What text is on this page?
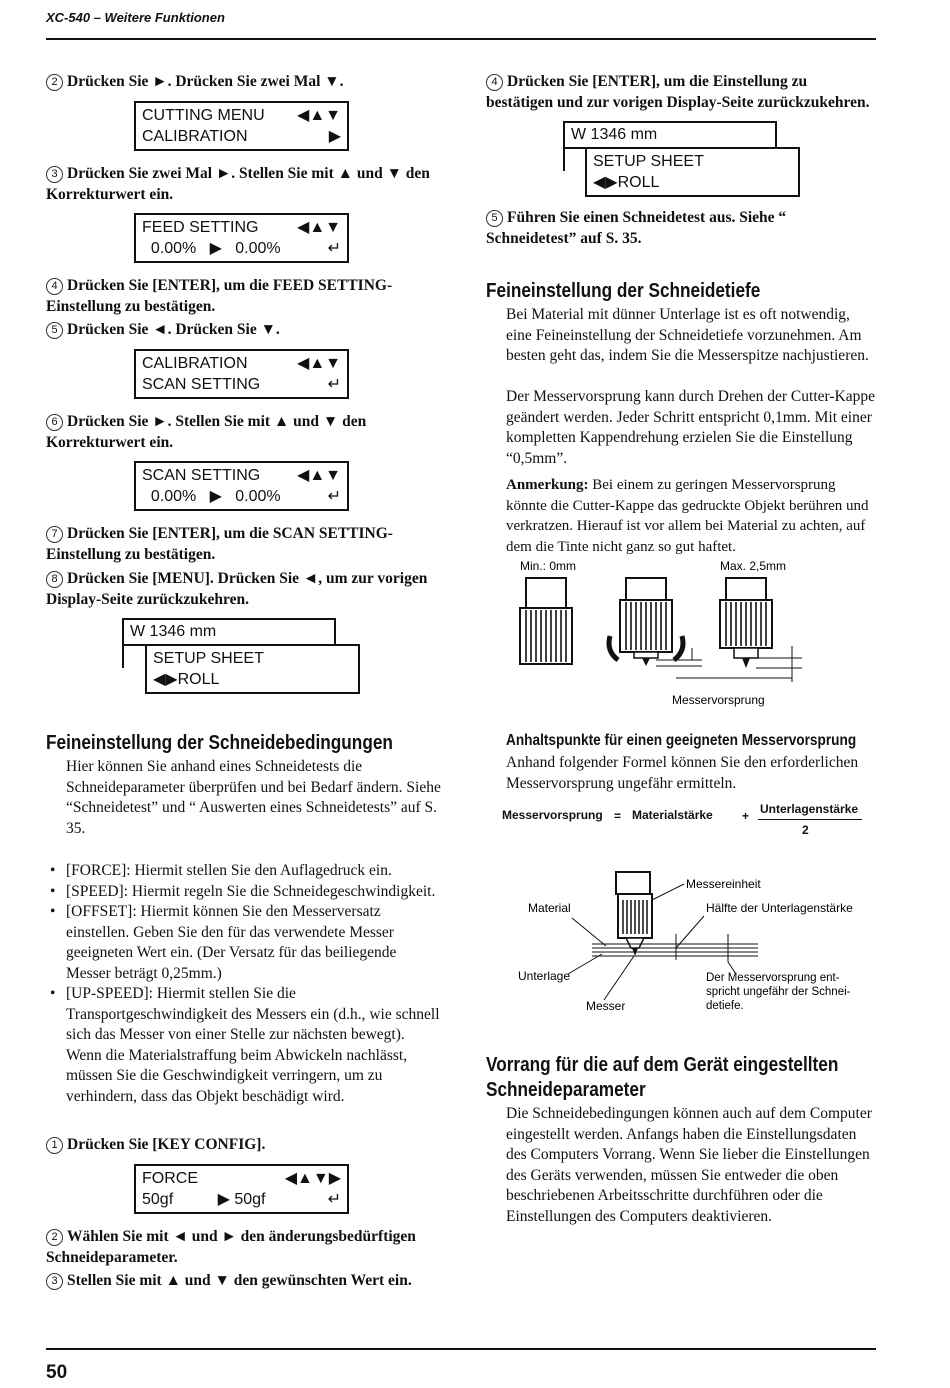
XC-540 – Weitere Funktionen

2 Drücken Sie ►. Drücken Sie zwei Mal ▼.

CUTTING MENU ◀▲▼
CALIBRATION	▶

3 Drücken Sie zwei Mal ►. Stellen Sie mit ▲ und ▼ den Korrekturwert ein.

FEED SETTING ◀▲▼
0.00%   ▶   0.00%	↵

4 Drücken Sie [ENTER], um die FEED SETTING-Einstellung zu bestätigen.

5 Drücken Sie ◄. Drücken Sie ▼.

CALIBRATION	◀▲▼
SCAN SETTING	↵

6 Drücken Sie ►. Stellen Sie mit ▲ und ▼ den Korrekturwert ein.

SCAN SETTING ◀▲▼
0.00%   ▶   0.00%	↵

7 Drücken Sie [ENTER], um die SCAN SETTING-Einstellung zu bestätigen.

8 Drücken Sie [MENU]. Drücken Sie ◄, um zur vorigen Display-Seite zurückzukehren.

W 1346 mm
SETUP SHEET
◀▶ROLL
Feineinstellung der Schneidebedingungen

Hier können Sie anhand eines Schneidetests die Schneideparameter überprüfen und bei Bedarf ändern. Siehe “Schneidetest” und “ Auswerten eines Schneidetests” auf S. 35.

• [FORCE]: Hiermit stellen Sie den Auflagedruck ein.
• [SPEED]: Hiermit regeln Sie die Schneidegeschwindigkeit.
• [OFFSET]: Hiermit können Sie den Messerversatz einstellen. Geben Sie den für das verwendete Messer geeigneten Wert ein. (Der Versatz für das beiliegende Messer beträgt 0,25mm.)
• [UP-SPEED]: Hiermit stellen Sie die Transportgeschwindigkeit des Messers ein (d.h., wie schnell sich das Messer von einer Stelle zur nächsten bewegt). Wenn die Materialstraffung beim Abwickeln nachlässt, müssen Sie die Geschwindigkeit verringern, um zu verhindern, dass das Objekt beschädigt wird.

1 Drücken Sie [KEY CONFIG].

FORCE	◀▲▼▶
50gf          ▶ 50gf	↵

2 Wählen Sie mit ◄ und ► den änderungsbedürftigen Schneideparameter.

3 Stellen Sie mit ▲ und ▼ den gewünschten Wert ein.

4 Drücken Sie [ENTER], um die Einstellung zu bestätigen und zur vorigen Display-Seite zurückzukehren.

W 1346 mm
SETUP SHEET
◀▶ROLL

5 Führen Sie einen Schneidetest aus. Siehe “ Schneidetest” auf S. 35.

Feineinstellung der Schneidetiefe

Bei Material mit dünner Unterlage ist es oft notwendig, eine Feineinstellung der Schneidetiefe vorzunehmen. Am besten geht das, indem Sie die Messerspitze nachjustieren.

Der Messervorsprung kann durch Drehen der Cutter-Kappe geändert werden. Jeder Schritt entspricht 0,1mm. Mit einer kompletten Kappendrehung erzielen Sie die Einstellung “0,5mm”.

Anmerkung: Bei einem zu geringen Messervorsprung könnte die Cutter-Kappe das gedruckte Objekt berühren und verkratzen. Hierauf ist vor allem bei Material zu achten, auf dem die Tinte nicht ganz so gut haftet.

Min.: 0mm	Max. 2,5mm
Messervorsprung
Anhaltspunkte für einen geeigneten Messervorsprung

Anhand folgender Formel können Sie den erforderlichen Messervorsprung ungefähr ermitteln.

Messervorsprung = Materialstärke + Unterlagenstärke
2
Messereinheit
Material	Hälfte der Unterlagenstärke
Unterlage
Messer
Der Messervorsprung ent-
spricht ungefähr der Schnei-
detiefe.
Vorrang für die auf dem Gerät eingestellten
Schneideparameter

Die Schneidebedingungen können auch auf dem Computer eingestellt werden. Anfangs haben die Einstellungsdaten des Computers Vorrang. Wenn Sie lieber die Einstellungen des Geräts verwenden, müssen Sie entweder die oben beschriebenen Arbeitsschritte durchführen oder die Einstellungen des Computers deaktivieren.

50
